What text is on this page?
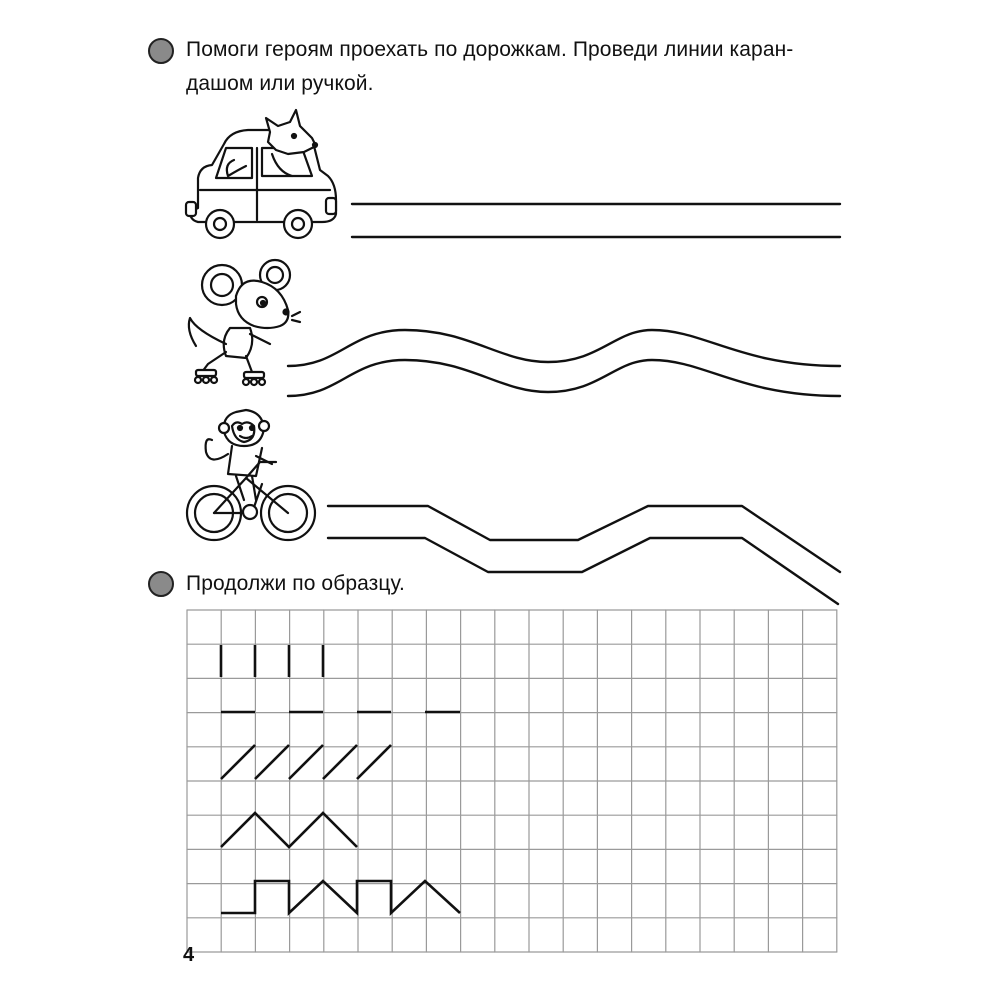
Помоги героям проехать по дорожкам. Проведи линии каран-
дашом или ручкой.
Продолжи по образцу.
4
